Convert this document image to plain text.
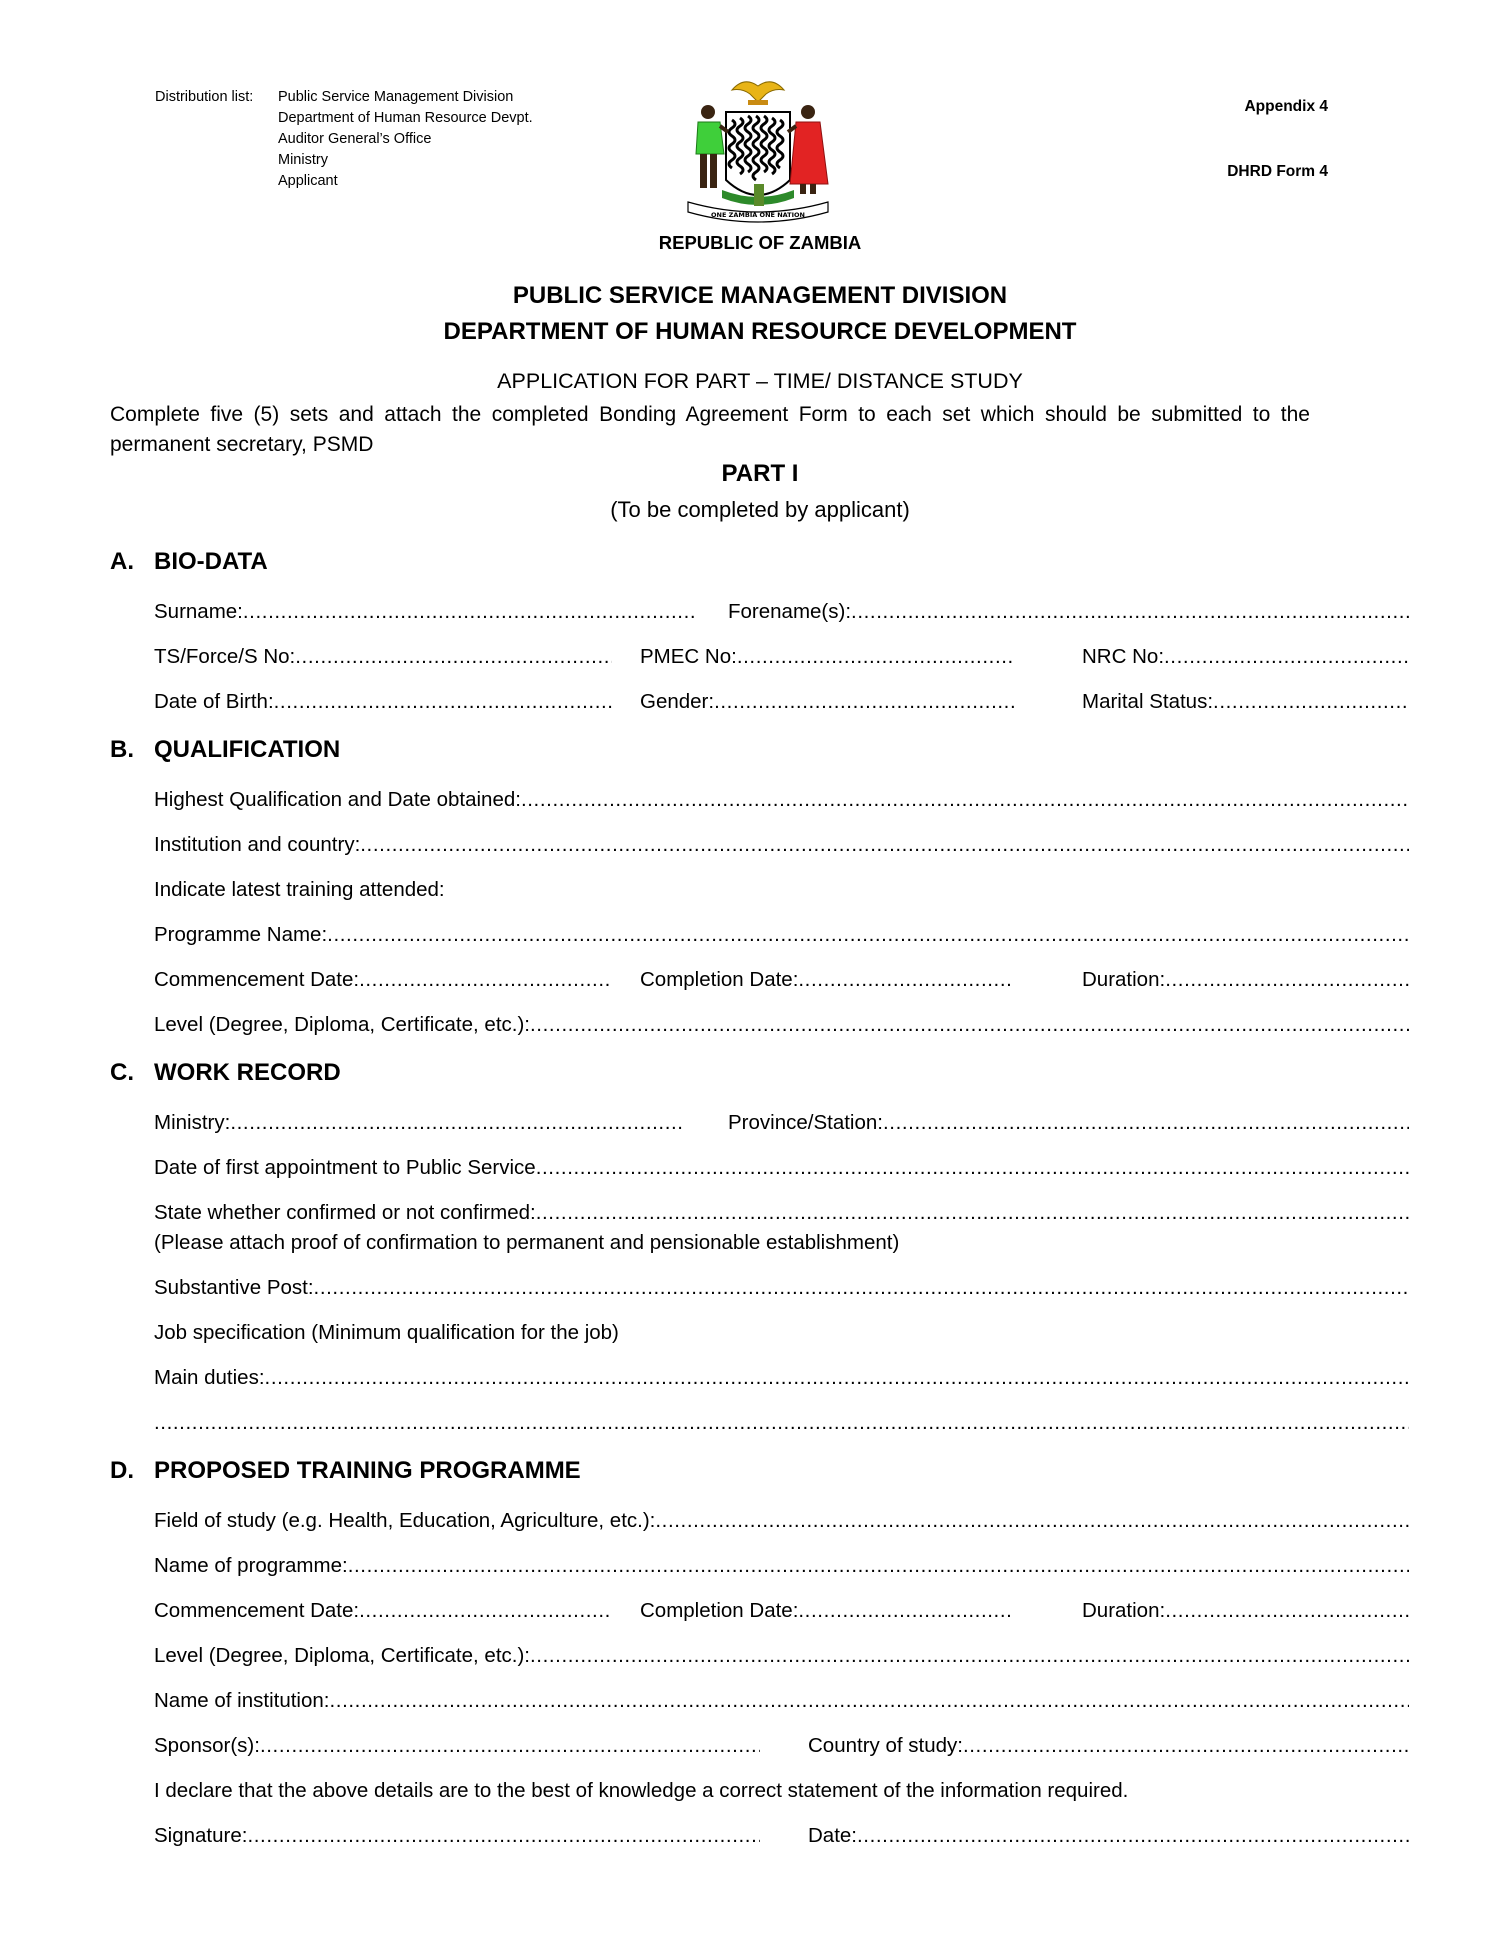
Distribution list:	Public Service Management Division
Department of Human Resource Devpt.
Auditor General’s Office
Ministry
Applicant
Appendix 4
DHRD Form 4
ONE ZAMBIA ONE NATION
REPUBLIC OF ZAMBIA
PUBLIC SERVICE MANAGEMENT DIVISION
DEPARTMENT OF HUMAN RESOURCE DEVELOPMENT
APPLICATION FOR PART – TIME/ DISTANCE STUDY
Complete five (5) sets and attach the completed Bonding Agreement Form to each set which should be submitted to the permanent secretary, PSMD
PART I
(To be completed by applicant)
A. BIO-DATA
Surname: .....	Forename(s):
.....
TS/Force/S No: .....	PMEC No: .....	NRC No:
.....
Date of Birth: .....	Gender: .....	Marital Status:
.....
B. QUALIFICATION
Highest Qualification and Date obtained:
.....
Institution and country:
.....
Indicate latest training attended:
Programme Name:
.....
Commencement Date: .....	Completion Date: .....	Duration:
.....
Level (Degree, Diploma, Certificate, etc.):
.....
C. WORK RECORD
Ministry: .....	Province/Station:
.....
Date of first appointment to Public Service
.....
State whether confirmed or not confirmed:
.....
(Please attach proof of confirmation to permanent and pensionable establishment)
Substantive Post:
.....
Job specification (Minimum qualification for the job)
Main duties:
.....
.....
D. PROPOSED TRAINING PROGRAMME
Field of study (e.g. Health, Education, Agriculture, etc.):
.....
Name of programme:
.....
Commencement Date: .....	Completion Date: .....	Duration:
.....
Level (Degree, Diploma, Certificate, etc.):
.....
Name of institution:
.....
Sponsor(s): .....	Country of study:
.....
I declare that the above details are to the best of knowledge a correct statement of the information required.
Signature: .....	Date:
.....
